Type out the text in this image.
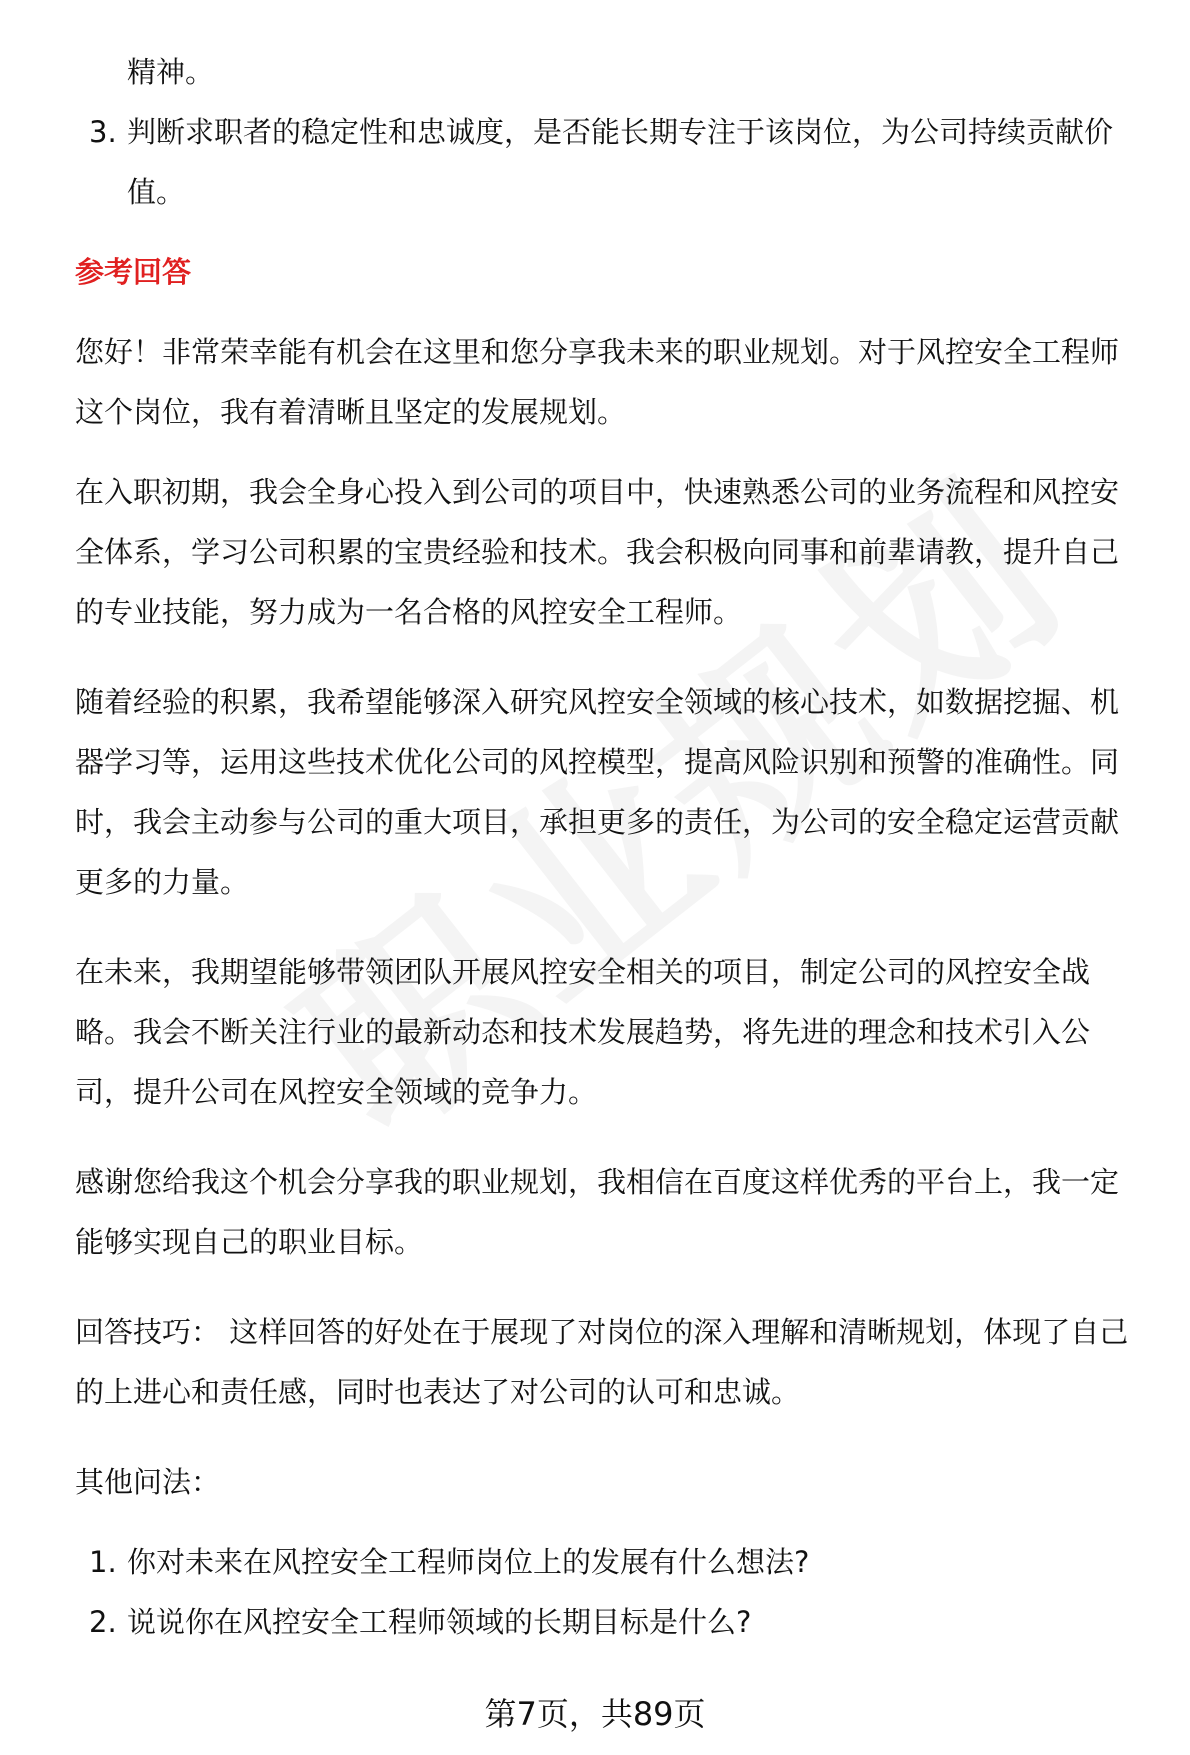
精神。
3. 判断求职者的稳定性和忠诚度，是否能长期专注于该岗位，为公司持续贡献价
值。
参考回答
您好！非常荣幸能有机会在这里和您分享我未来的职业规划。对于风控安全工程师
这个岗位，我有着清晰且坚定的发展规划。
在入职初期，我会全身心投入到公司的项目中，快速熟悉公司的业务流程和风控安
全体系，学习公司积累的宝贵经验和技术。我会积极向同事和前辈请教，提升自己
的专业技能，努力成为一名合格的风控安全工程师。
随着经验的积累，我希望能够深入研究风控安全领域的核心技术，如数据挖掘、机
器学习等，运用这些技术优化公司的风控模型，提高风险识别和预警的准确性。同
时，我会主动参与公司的重大项目，承担更多的责任，为公司的安全稳定运营贡献
更多的力量。
在未来，我期望能够带领团队开展风控安全相关的项目，制定公司的风控安全战
略。我会不断关注行业的最新动态和技术发展趋势，将先进的理念和技术引入公
司，提升公司在风控安全领域的竞争力。
感谢您给我这个机会分享我的职业规划，我相信在百度这样优秀的平台上，我一定
能够实现自己的职业目标。
回答技巧： 这样回答的好处在于展现了对岗位的深入理解和清晰规划，体现了自己
的上进心和责任感，同时也表达了对公司的认可和忠诚。
其他问法：
1. 你对未来在风控安全工程师岗位上的发展有什么想法?
2. 说说你在风控安全工程师领域的长期目标是什么?
第7页，共89页
